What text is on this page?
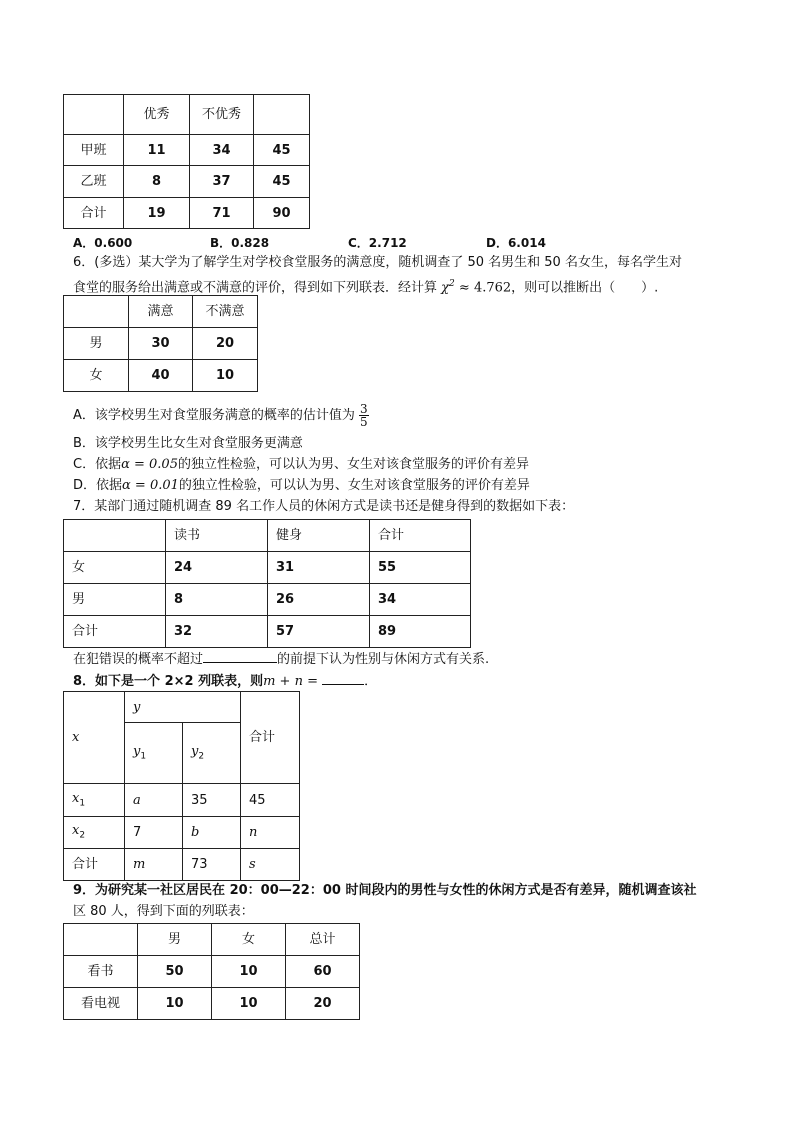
	优秀	不优秀	
甲班	11	34	45
乙班	8	37	45
合计	19	71	90
A．0.600	B．0.828	C．2.712	D．6.014
6．(多选）某大学为了解学生对学校食堂服务的满意度，随机调查了 50 名男生和 50 名女生，每名学生对
食堂的服务给出满意或不满意的评价，得到如下列联表．经计算 $\chi^2 \approx 4.762$，则可以推断出（　　）.
	满意	不满意
男	30	20
女	40	10
A．该学校男生对食堂服务满意的概率的估计值为 $\frac{3}{5}$
B．该学校男生比女生对食堂服务更满意
C．依据α = 0.05的独立性检验，可以认为男、女生对该食堂服务的评价有差异
D．依据α = 0.01的独立性检验，可以认为男、女生对该食堂服务的评价有差异
7．某部门通过随机调查 89 名工作人员的休闲方式是读书还是健身得到的数据如下表：
	读书	健身	合计
女	24	31	55
男	8	26	34
合计	32	57	89
在犯错误的概率不超过	的前提下认为性别与休闲方式有关系.
8．如下是一个 2×2 列联表，则m + n =	．
x	y		合计
	$y_1$	$y_2$
$x_1$	a	35	45
$x_2$	7	b	n
合计	m	73	s
9．为研究某一社区居民在 20：00—22：00 时间段内的男性与女性的休闲方式是否有差异，随机调查该社
区 80 人，得到下面的列联表：
	男	女	总计
看书	50	10	60
看电视	10	10	20
